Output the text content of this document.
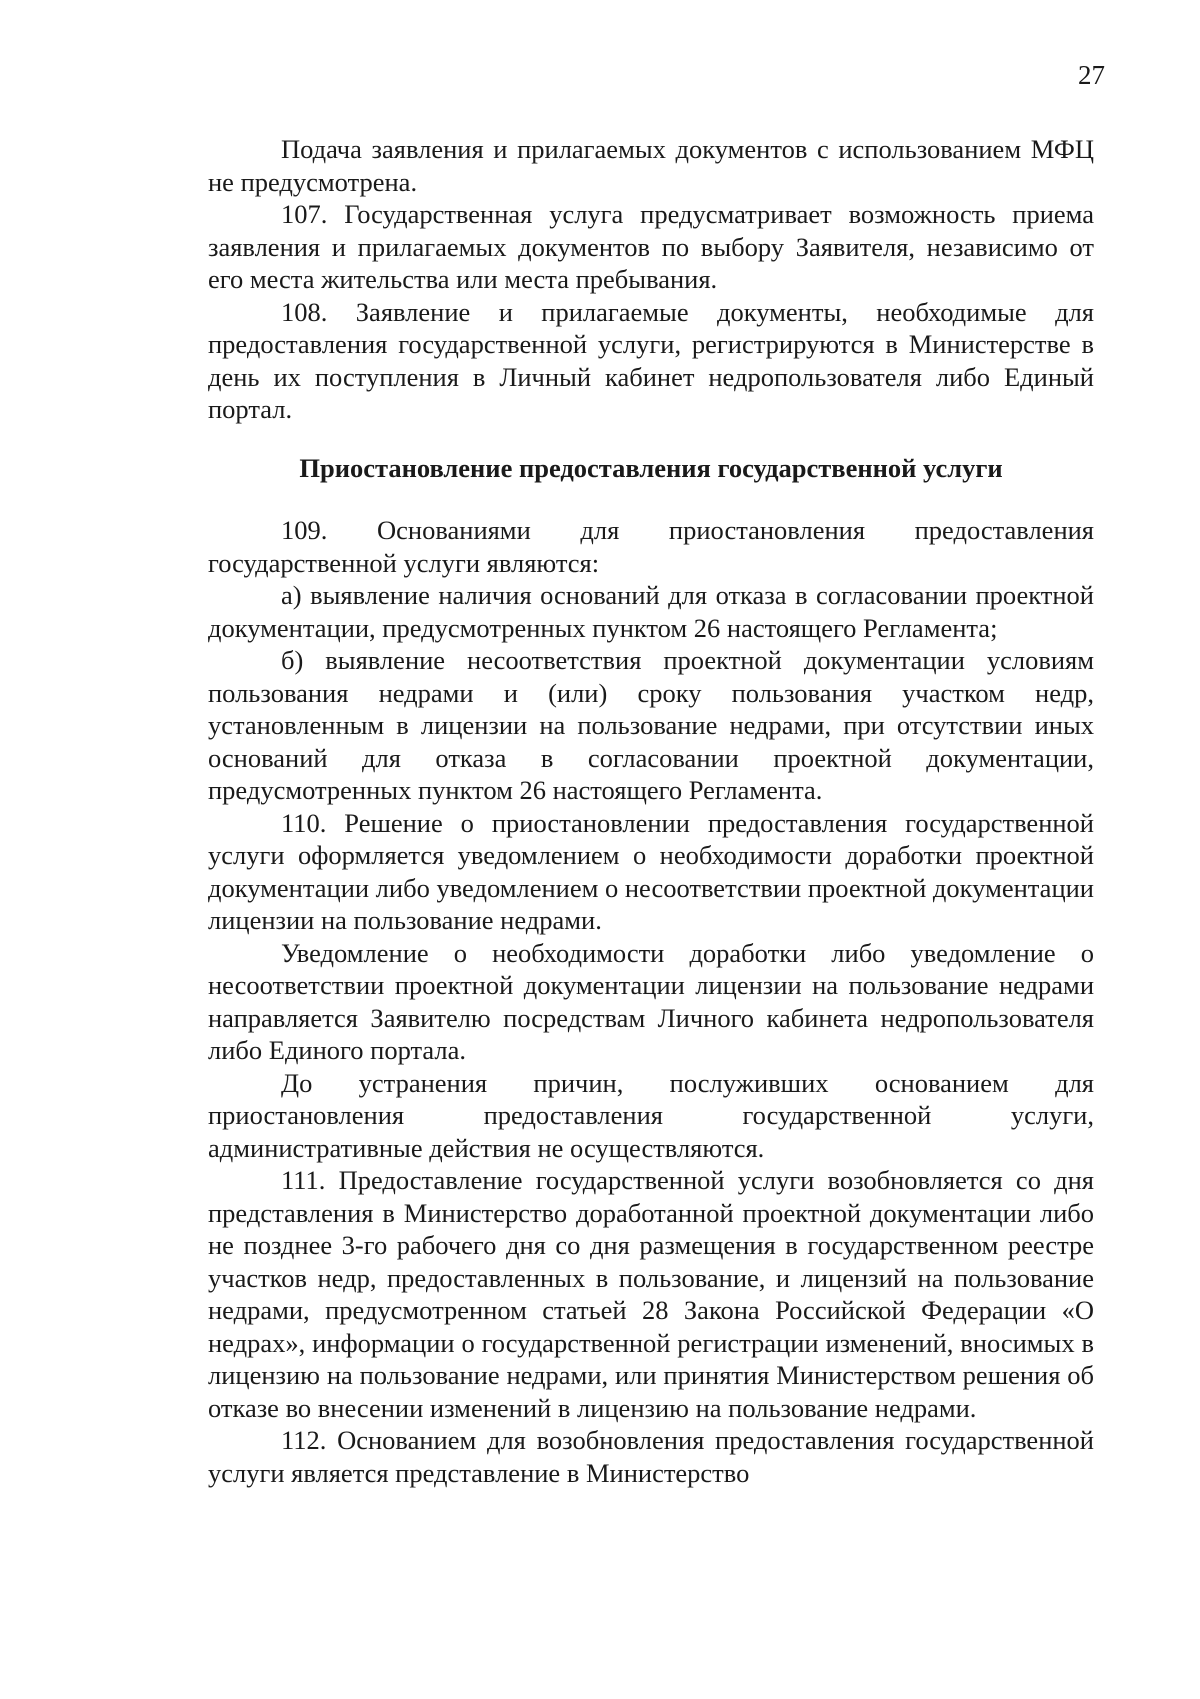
27

Подача заявления и прилагаемых документов с использованием МФЦ не предусмотрена.

107. Государственная услуга предусматривает возможность приема заявления и прилагаемых документов по выбору Заявителя, независимо от его места жительства или места пребывания.

108. Заявление и прилагаемые документы, необходимые для предоставления государственной услуги, регистрируются в Министерстве в день их поступления в Личный кабинет недропользователя либо Единый портал.

Приостановление предоставления государственной услуги

109. Основаниями для приостановления предоставления государственной услуги являются:

а) выявление наличия оснований для отказа в согласовании проектной документации, предусмотренных пунктом 26 настоящего Регламента;

б) выявление несоответствия проектной документации условиям пользования недрами и (или) сроку пользования участком недр, установленным в лицензии на пользование недрами, при отсутствии иных оснований для отказа в согласовании проектной документации, предусмотренных пунктом 26 настоящего Регламента.

110. Решение о приостановлении предоставления государственной услуги оформляется уведомлением о необходимости доработки проектной документации либо уведомлением о несоответствии проектной документации лицензии на пользование недрами.

Уведомление о необходимости доработки либо уведомление о несоответствии проектной документации лицензии на пользование недрами направляется Заявителю посредствам Личного кабинета недропользователя либо Единого портала.

До устранения причин, послуживших основанием для приостановления предоставления государственной услуги, административные действия не осуществляются.

111. Предоставление государственной услуги возобновляется со дня представления в Министерство доработанной проектной документации либо не позднее 3-го рабочего дня со дня размещения в государственном реестре участков недр, предоставленных в пользование, и лицензий на пользование недрами, предусмотренном статьей 28 Закона Российской Федерации «О недрах», информации о государственной регистрации изменений, вносимых в лицензию на пользование недрами, или принятия Министерством решения об отказе во внесении изменений в лицензию на пользование недрами.

112. Основанием для возобновления предоставления государственной услуги является представление в Министерство
